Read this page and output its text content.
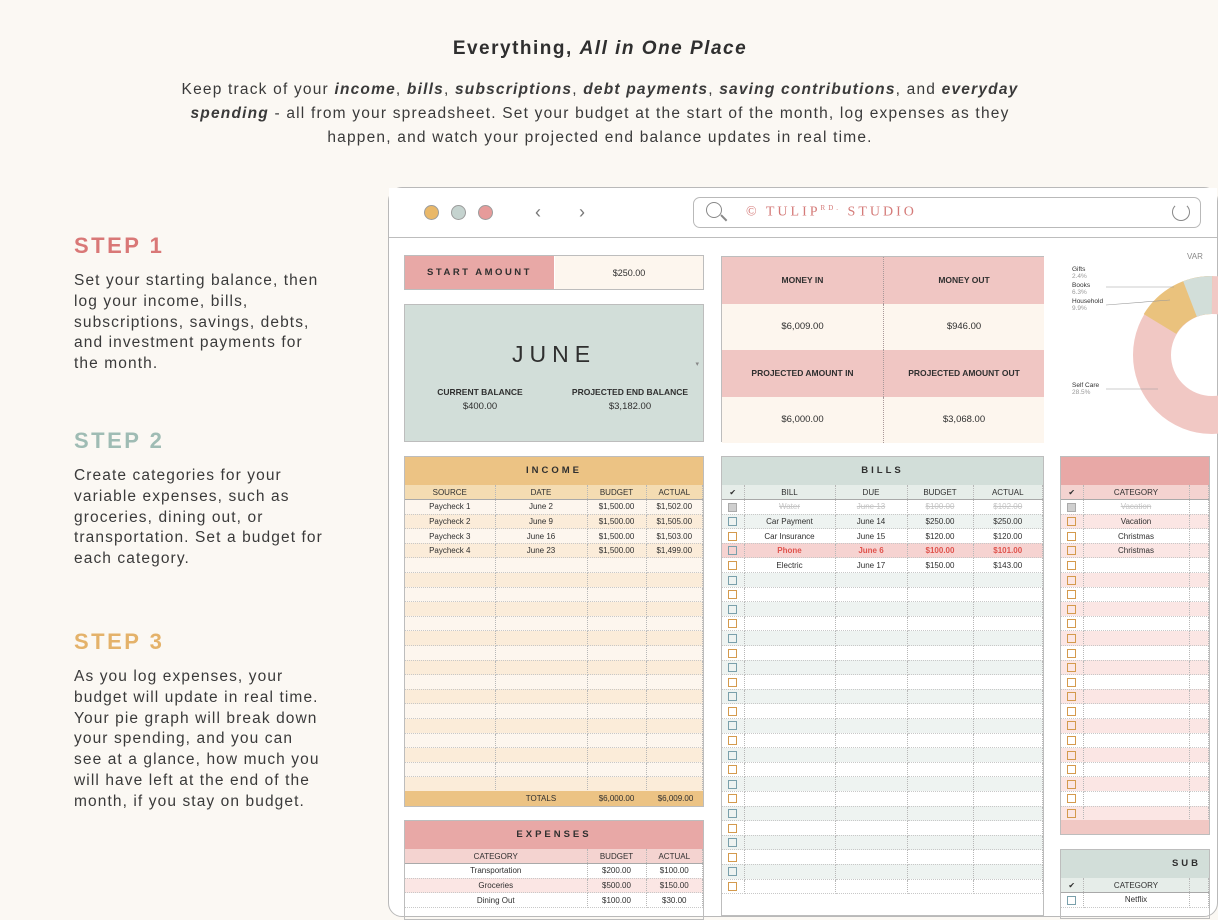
Everything, All in One Place
Keep track of your income, bills, subscriptions, debt payments, saving contributions, and everyday spending - all from your spreadsheet. Set your budget at the start of the month, log expenses as they happen, and watch your projected end balance updates in real time.
STEP 1
Set your starting balance, then log your income, bills, subscriptions, savings, debts, and investment payments for the month.
STEP 2
Create categories for your variable expenses, such as groceries, dining out, or transportation. Set a budget for each category.
STEP 3
As you log expenses, your budget will update in real time. Your pie graph will break down your spending, and you can see at a glance, how much you will have left at the end of the month, if you stay on budget.
‹ ›	© $TULIP^{RD.}$ STUDIO
START AMOUNT	$250.00
JUNE	▾
CURRENT BALANCE
$400.00
PROJECTED END BALANCE
$3,182.00
MONEY IN	MONEY OUT
$6,009.00	$946.00
PROJECTED AMOUNT IN	PROJECTED AMOUNT OUT
$6,000.00	$3,068.00
Gifts
2.4%
Books
6.3%
Household
9.9%
Self Care
28.5%
VAR
INCOME
SOURCE	DATE	BUDGET	ACTUAL
Paycheck 1	June 2	$1,500.00	$1,502.00
Paycheck 2	June 9	$1,500.00	$1,505.00
Paycheck 3	June 16	$1,500.00	$1,503.00
Paycheck 4	June 23	$1,500.00	$1,499.00

TOTALS	$6,000.00	$6,009.00
BILLS
✔	BILL	DUE	BUDGET	ACTUAL
	Water	June 13	$100.00	$102.00
	Car Payment	June 14	$250.00	$250.00
	Car Insurance	June 15	$120.00	$120.00
	Phone	June 6	$100.00	$101.00
	Electric	June 17	$150.00	$143.00

✔	CATEGORY	
	Vacation	
	Vacation	
	Christmas	
	Christmas	

EXPENSES
CATEGORY	BUDGET	ACTUAL
Transportation	$200.00	$100.00
Groceries	$500.00	$150.00
Dining Out	$100.00	$30.00
SUB
✔	CATEGORY	
	Netflix	
